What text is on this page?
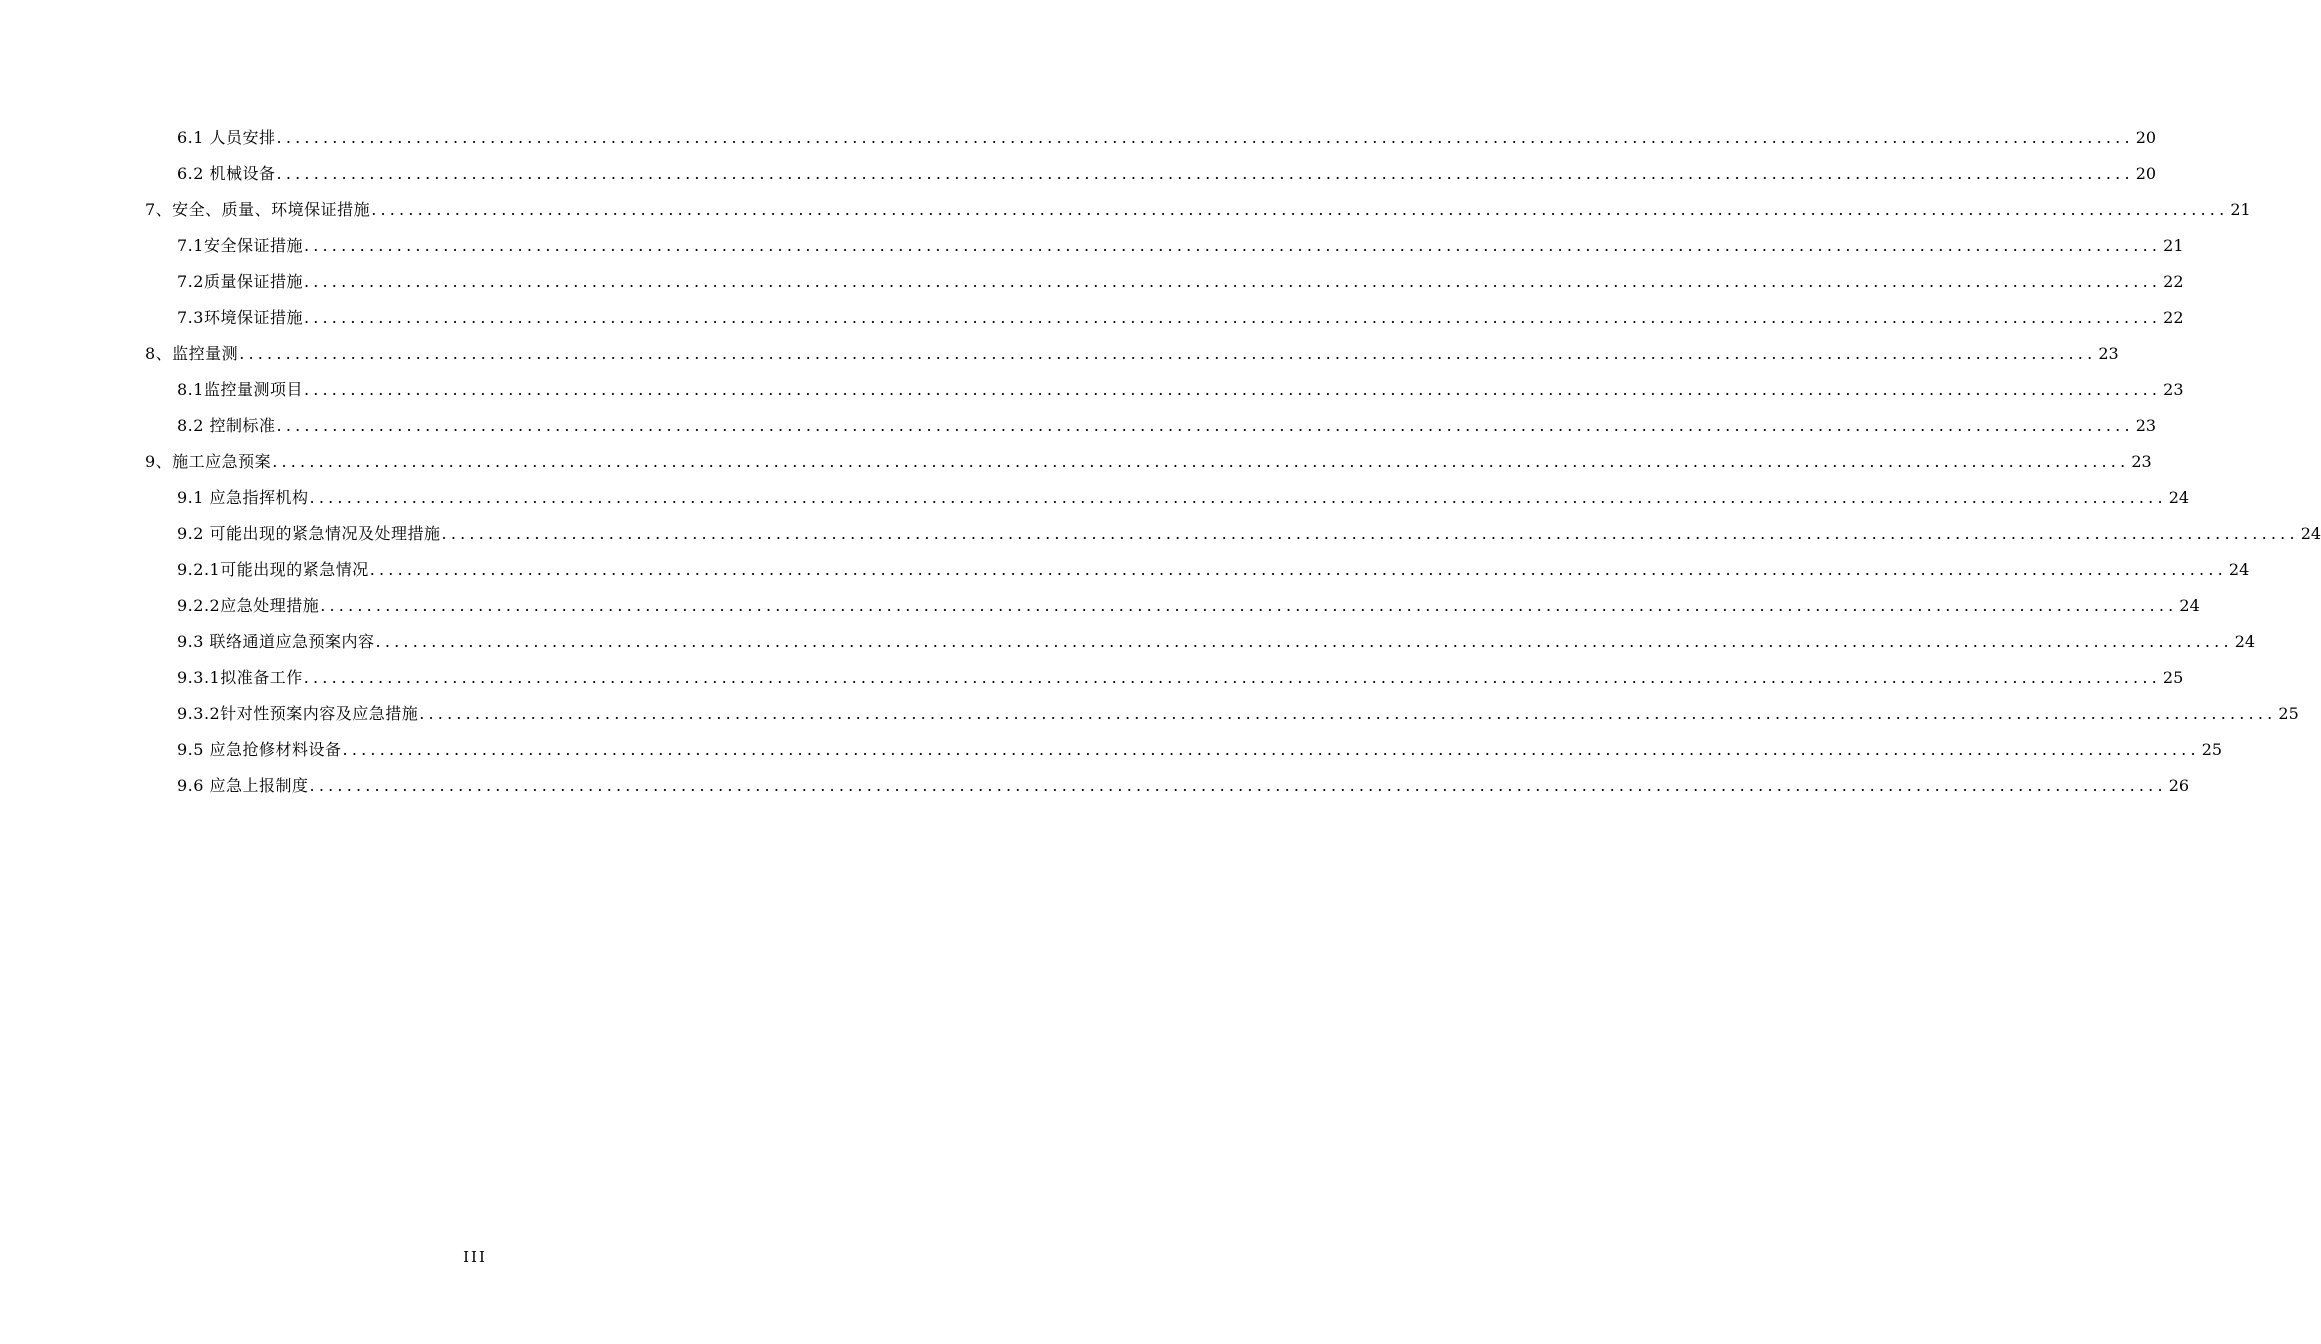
6.1 人员安排 ........................................................................................................................................................................................................ 20
6.2 机械设备 ........................................................................................................................................................................................................ 20
7、安全、质量、环境保证措施 ........................................................................................................................................................................................................ 21
7.1安全保证措施 ........................................................................................................................................................................................................ 21
7.2质量保证措施 ........................................................................................................................................................................................................ 22
7.3环境保证措施 ........................................................................................................................................................................................................ 22
8、监控量测 ........................................................................................................................................................................................................ 23
8.1监控量测项目 ........................................................................................................................................................................................................ 23
8.2 控制标准 ........................................................................................................................................................................................................ 23
9、施工应急预案 ........................................................................................................................................................................................................ 23
9.1 应急指挥机构 ........................................................................................................................................................................................................ 24
9.2 可能出现的紧急情况及处理措施 ........................................................................................................................................................................................................ 24
9.2.1可能出现的紧急情况 ........................................................................................................................................................................................................ 24
9.2.2应急处理措施 ........................................................................................................................................................................................................ 24
9.3 联络通道应急预案内容 ........................................................................................................................................................................................................ 24
9.3.1拟准备工作 ........................................................................................................................................................................................................ 25
9.3.2针对性预案内容及应急措施 ........................................................................................................................................................................................................ 25
9.5 应急抢修材料设备 ........................................................................................................................................................................................................ 25
9.6 应急上报制度 ........................................................................................................................................................................................................ 26
III
